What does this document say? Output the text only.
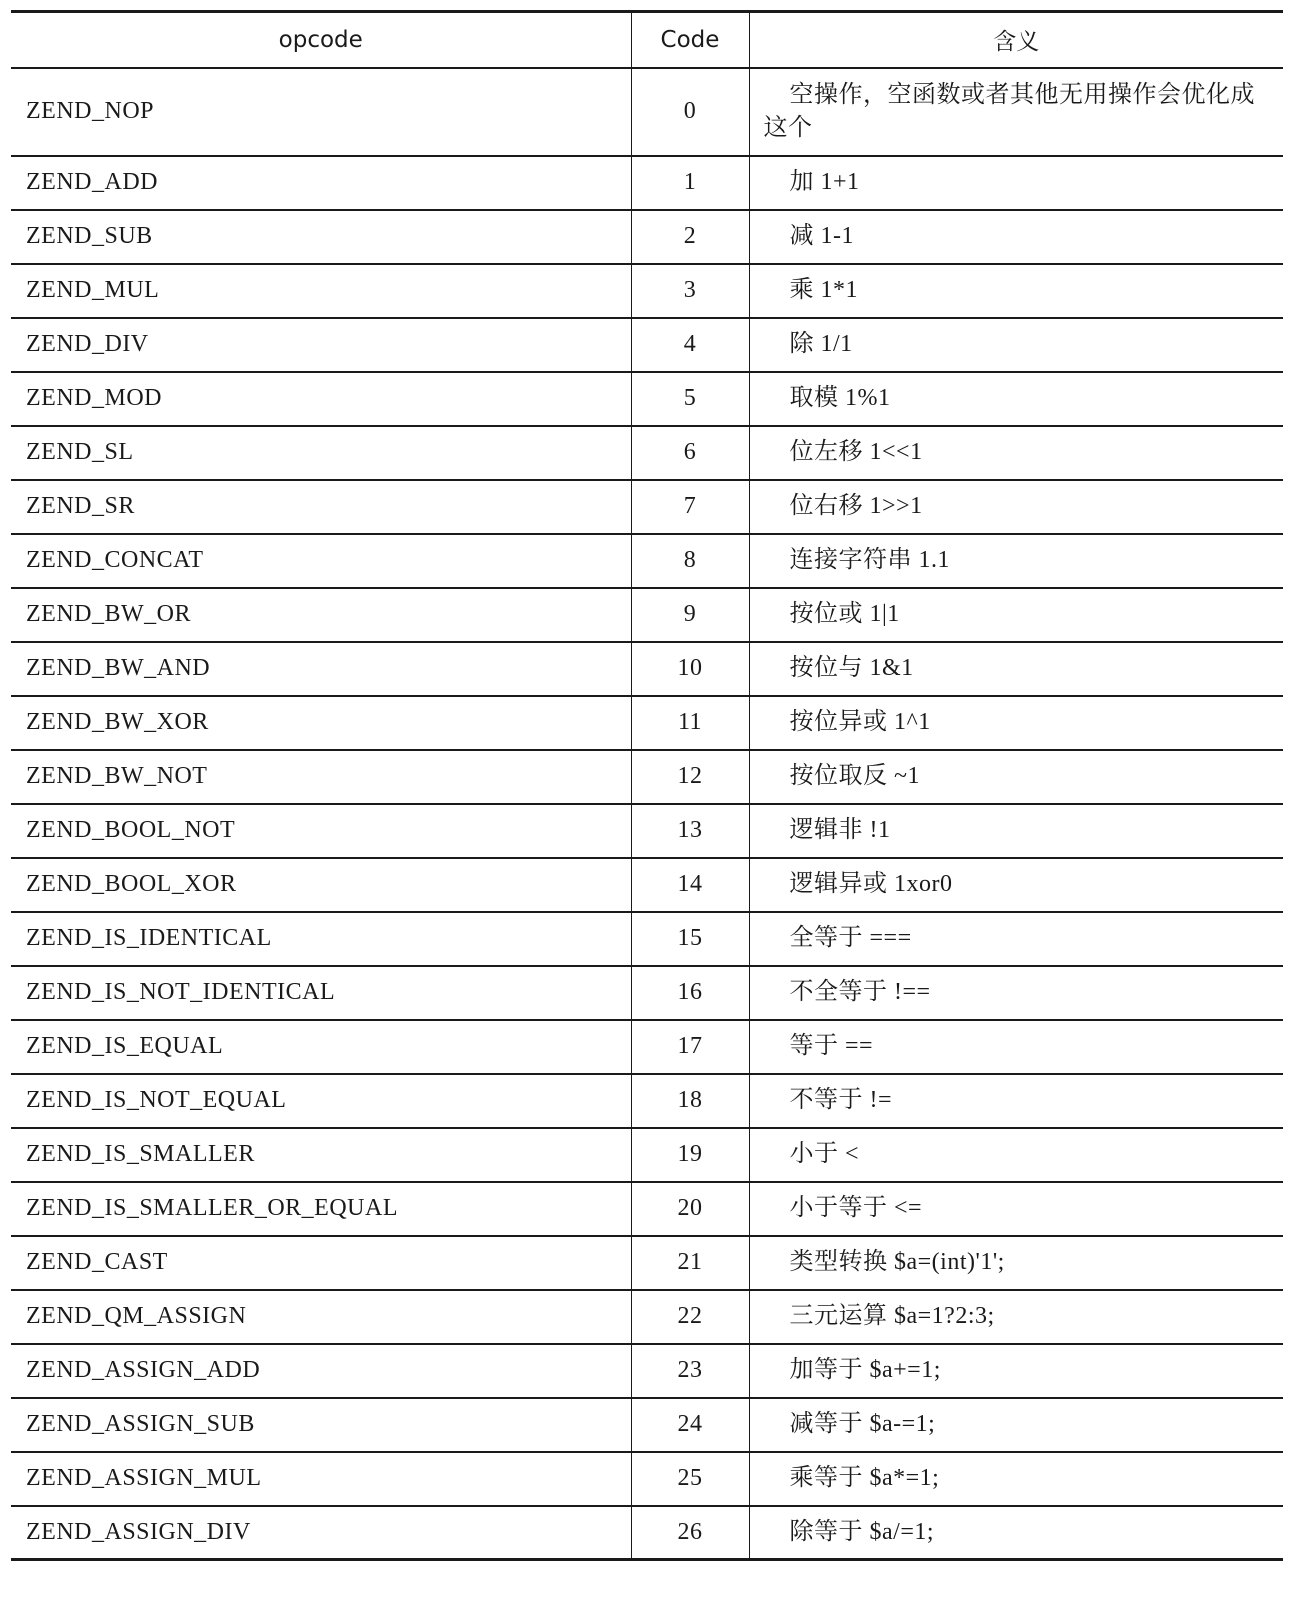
opcode	Code	含义
ZEND_NOP	0	空操作，空函数或者其他无用操作会优化成这个
ZEND_ADD	1	加 1+1
ZEND_SUB	2	减 1-1
ZEND_MUL	3	乘 1*1
ZEND_DIV	4	除 1/1
ZEND_MOD	5	取模 1%1
ZEND_SL	6	位左移 1<<1
ZEND_SR	7	位右移 1>>1
ZEND_CONCAT	8	连接字符串 1.1
ZEND_BW_OR	9	按位或 1|1
ZEND_BW_AND	10	按位与 1&1
ZEND_BW_XOR	11	按位异或 1^1
ZEND_BW_NOT	12	按位取反 ~1
ZEND_BOOL_NOT	13	逻辑非 !1
ZEND_BOOL_XOR	14	逻辑异或 1xor0
ZEND_IS_IDENTICAL	15	全等于 ===
ZEND_IS_NOT_IDENTICAL	16	不全等于 !==
ZEND_IS_EQUAL	17	等于 ==
ZEND_IS_NOT_EQUAL	18	不等于 !=
ZEND_IS_SMALLER	19	小于 <
ZEND_IS_SMALLER_OR_EQUAL	20	小于等于 <=
ZEND_CAST	21	类型转换 $a=(int)'1';
ZEND_QM_ASSIGN	22	三元运算 $a=1?2:3;
ZEND_ASSIGN_ADD	23	加等于 $a+=1;
ZEND_ASSIGN_SUB	24	减等于 $a-=1;
ZEND_ASSIGN_MUL	25	乘等于 $a*=1;
ZEND_ASSIGN_DIV	26	除等于 $a/=1;
